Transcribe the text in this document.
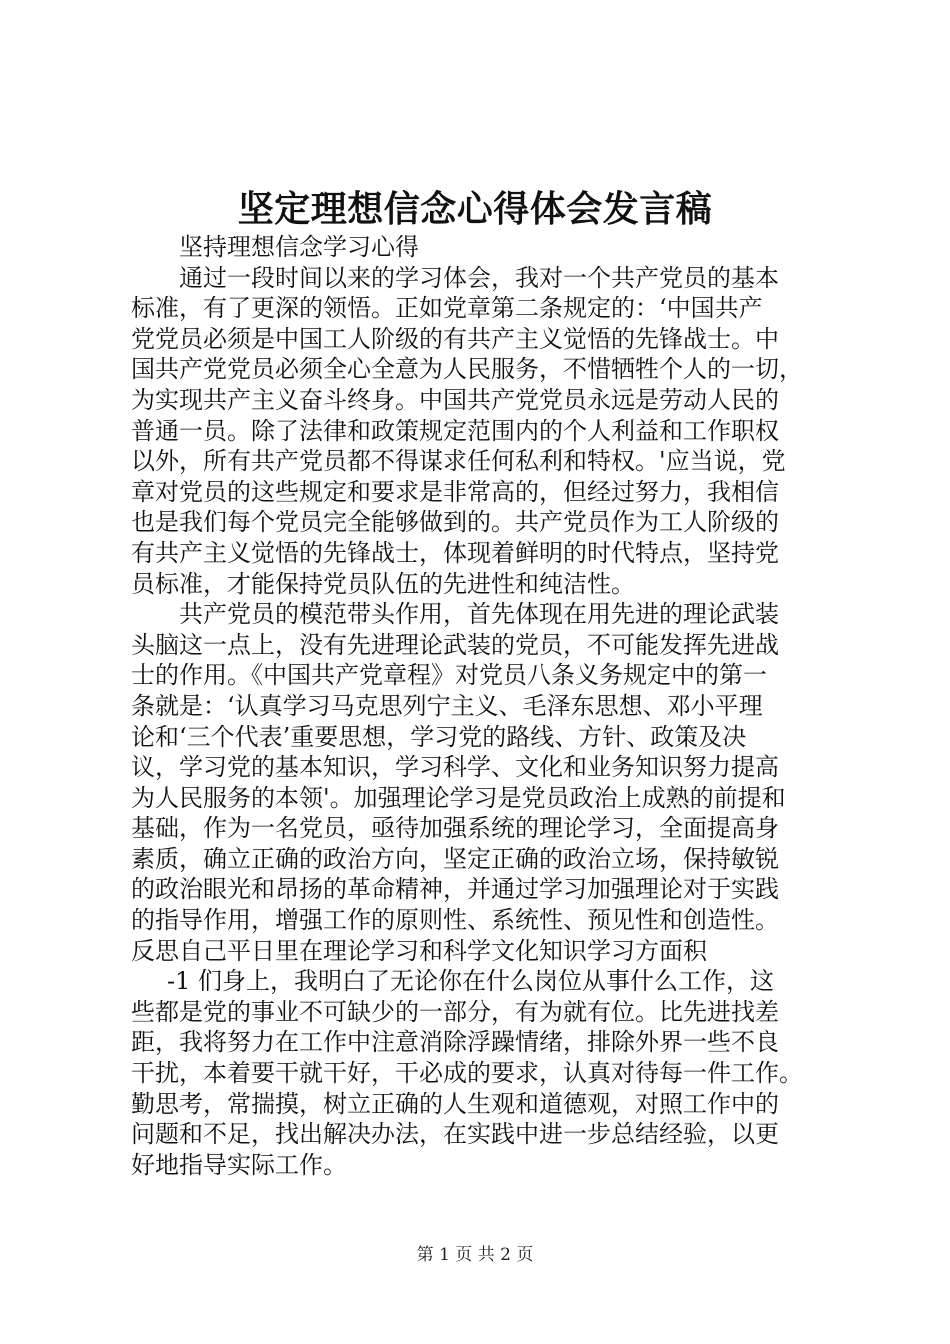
坚定理想信念心得体会发言稿
坚持理想信念学习心得
通过一段时间以来的学习体会，我对一个共产党员的基本
标准，有了更深的领悟。正如党章第二条规定的：‘中国共产
党党员必须是中国工人阶级的有共产主义觉悟的先锋战士。中
国共产党党员必须全心全意为人民服务，不惜牺牲个人的一切，
为实现共产主义奋斗终身。中国共产党党员永远是劳动人民的
普通一员。除了法律和政策规定范围内的个人利益和工作职权
以外，所有共产党员都不得谋求任何私利和特权。'应当说，党
章对党员的这些规定和要求是非常高的，但经过努力，我相信
也是我们每个党员完全能够做到的。共产党员作为工人阶级的
有共产主义觉悟的先锋战士，体现着鲜明的时代特点，坚持党
员标准，才能保持党员队伍的先进性和纯洁性。
共产党员的模范带头作用，首先体现在用先进的理论武装
头脑这一点上，没有先进理论武装的党员，不可能发挥先进战
士的作用。《中国共产党章程》对党员八条义务规定中的第一
条就是：‘认真学习马克思列宁主义、毛泽东思想、邓小平理
论和‘三个代表’重要思想，学习党的路线、方针、政策及决
议，学习党的基本知识，学习科学、文化和业务知识努力提高
为人民服务的本领'。加强理论学习是党员政治上成熟的前提和
基础，作为一名党员，亟待加强系统的理论学习，全面提高身
素质，确立正确的政治方向，坚定正确的政治立场，保持敏锐
的政治眼光和昂扬的革命精神，并通过学习加强理论对于实践
的指导作用，增强工作的原则性、系统性、预见性和创造性。
反思自己平日里在理论学习和科学文化知识学习方面积
-1 们身上，我明白了无论你在什么岗位从事什么工作，这
些都是党的事业不可缺少的一部分，有为就有位。比先进找差
距，我将努力在工作中注意消除浮躁情绪，排除外界一些不良
干扰，本着要干就干好，干必成的要求，认真对待每一件工作。
勤思考，常揣摸，树立正确的人生观和道德观，对照工作中的
问题和不足，找出解决办法，在实践中进一步总结经验，以更
好地指导实际工作。
第 1 页 共 2 页
